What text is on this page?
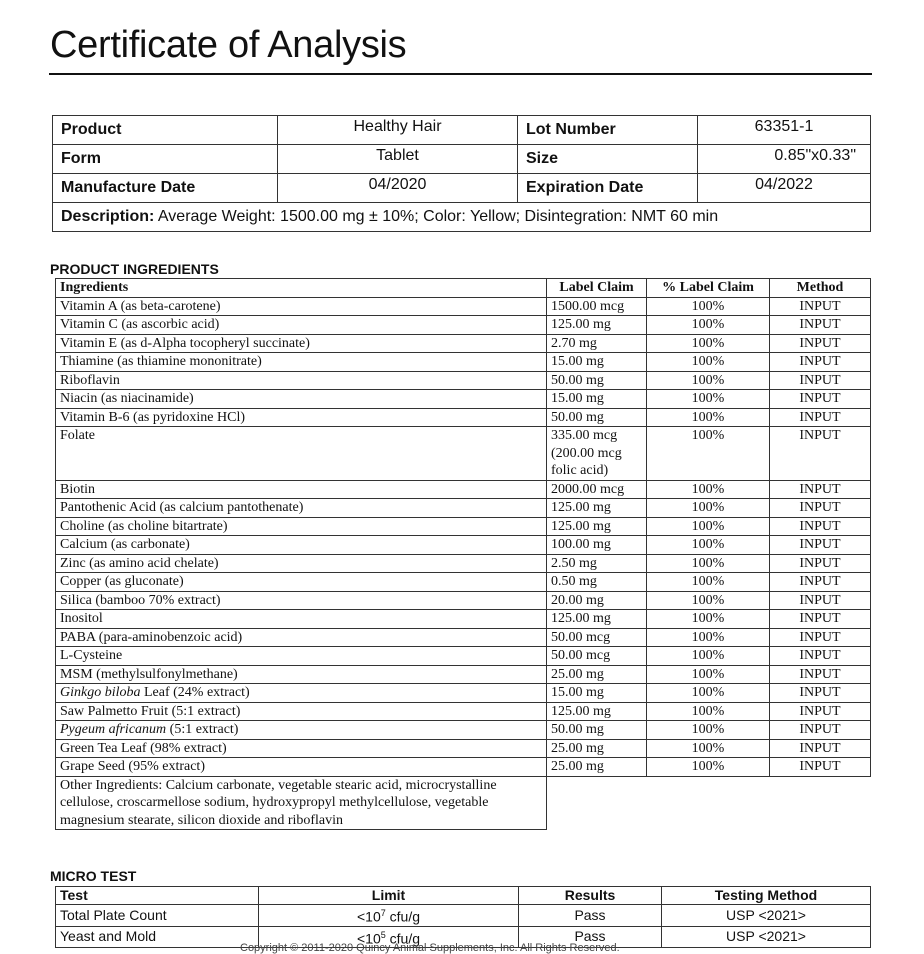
Certificate of Analysis
Product	Healthy Hair	Lot Number	63351-1
Form	Tablet	Size	0.85"x0.33"
Manufacture Date	04/2020	Expiration Date	04/2022
Description: Average Weight: 1500.00 mg ± 10%; Color: Yellow; Disintegration: NMT 60 min			
PRODUCT INGREDIENTS
Ingredients	Label Claim	% Label Claim	Method
Vitamin A (as beta-carotene)	1500.00 mcg	100%	INPUT
Vitamin C (as ascorbic acid)	125.00 mg	100%	INPUT
Vitamin E (as d-Alpha tocopheryl succinate)	2.70 mg	100%	INPUT
Thiamine (as thiamine mononitrate)	15.00 mg	100%	INPUT
Riboflavin	50.00 mg	100%	INPUT
Niacin (as niacinamide)	15.00 mg	100%	INPUT
Vitamin B-6 (as pyridoxine HCl)	50.00 mg	100%	INPUT
Folate	335.00 mcg (200.00 mcg folic acid)	100%	INPUT
Biotin	2000.00 mcg	100%	INPUT
Pantothenic Acid (as calcium pantothenate)	125.00 mg	100%	INPUT
Choline (as choline bitartrate)	125.00 mg	100%	INPUT
Calcium (as carbonate)	100.00 mg	100%	INPUT
Zinc (as amino acid chelate)	2.50 mg	100%	INPUT
Copper (as gluconate)	0.50 mg	100%	INPUT
Silica (bamboo 70% extract)	20.00 mg	100%	INPUT
Inositol	125.00 mg	100%	INPUT
PABA (para-aminobenzoic acid)	50.00 mcg	100%	INPUT
L-Cysteine	50.00 mcg	100%	INPUT
MSM (methylsulfonylmethane)	25.00 mg	100%	INPUT
Ginkgo biloba Leaf (24% extract)	15.00 mg	100%	INPUT
Saw Palmetto Fruit (5:1 extract)	125.00 mg	100%	INPUT
Pygeum africanum (5:1 extract)	50.00 mg	100%	INPUT
Green Tea Leaf (98% extract)	25.00 mg	100%	INPUT
Grape Seed (95% extract)	25.00 mg	100%	INPUT
Other Ingredients: Calcium carbonate, vegetable stearic acid, microcrystalline cellulose, croscarmellose sodium, hydroxypropyl methylcellulose, vegetable magnesium stearate, silicon dioxide and riboflavin			
MICRO TEST
Test	Limit	Results	Testing Method
Total Plate Count	$<10^7$ cfu/g	Pass	USP <2021>
Yeast and Mold	$<10^5$ cfu/g	Pass	USP <2021>
Copyright © 2011-2020 Quincy Animal Supplements, Inc. All Rights Reserved.
